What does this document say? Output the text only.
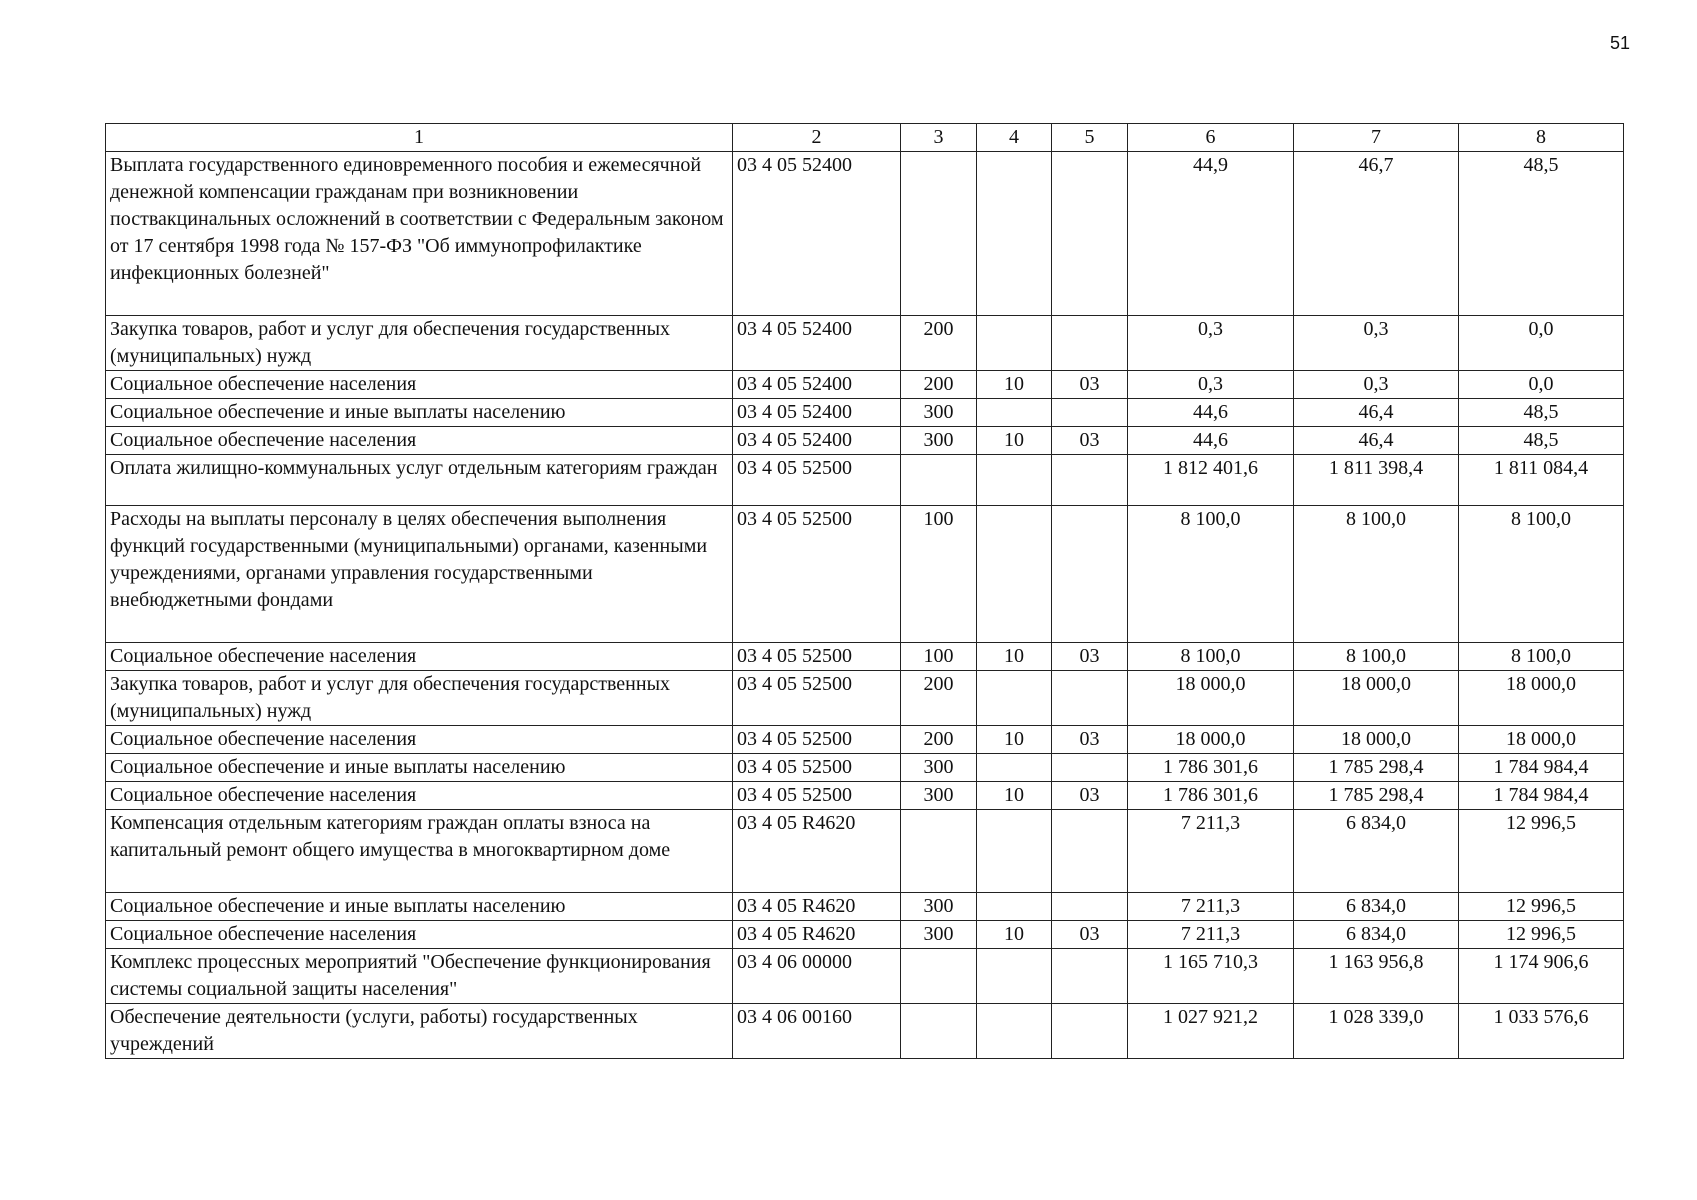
51
1	2	3	4	5	6	7	8
Выплата государственного единовременного пособия и ежемесячной денежной компенсации гражданам при возникновении поствакцинальных осложнений в соответствии с Федеральным законом от 17 сентября 1998 года № 157-ФЗ "Об иммунопрофилактике инфекционных болезней"	03 4 05 52400				44,9	46,7	48,5
Закупка товаров, работ и услуг для обеспечения государственных (муниципальных) нужд	03 4 05 52400	200			0,3	0,3	0,0
Социальное обеспечение населения	03 4 05 52400	200	10	03	0,3	0,3	0,0
Социальное обеспечение и иные выплаты населению	03 4 05 52400	300			44,6	46,4	48,5
Социальное обеспечение населения	03 4 05 52400	300	10	03	44,6	46,4	48,5
Оплата жилищно-коммунальных услуг отдельным категориям граждан	03 4 05 52500				1 812 401,6	1 811 398,4	1 811 084,4
Расходы на выплаты персоналу в целях обеспечения выполнения функций государственными (муниципальными) органами, казенными учреждениями, органами управления государственными внебюджетными фондами	03 4 05 52500	100			8 100,0	8 100,0	8 100,0
Социальное обеспечение населения	03 4 05 52500	100	10	03	8 100,0	8 100,0	8 100,0
Закупка товаров, работ и услуг для обеспечения государственных (муниципальных) нужд	03 4 05 52500	200			18 000,0	18 000,0	18 000,0
Социальное обеспечение населения	03 4 05 52500	200	10	03	18 000,0	18 000,0	18 000,0
Социальное обеспечение и иные выплаты населению	03 4 05 52500	300			1 786 301,6	1 785 298,4	1 784 984,4
Социальное обеспечение населения	03 4 05 52500	300	10	03	1 786 301,6	1 785 298,4	1 784 984,4
Компенсация отдельным категориям граждан оплаты взноса на капитальный ремонт общего имущества в многоквартирном доме	03 4 05 R4620				7 211,3	6 834,0	12 996,5
Социальное обеспечение и иные выплаты населению	03 4 05 R4620	300			7 211,3	6 834,0	12 996,5
Социальное обеспечение населения	03 4 05 R4620	300	10	03	7 211,3	6 834,0	12 996,5
Комплекс процессных мероприятий "Обеспечение функционирования системы социальной защиты населения"	03 4 06 00000				1 165 710,3	1 163 956,8	1 174 906,6
Обеспечение деятельности (услуги, работы) государственных учреждений	03 4 06 00160				1 027 921,2	1 028 339,0	1 033 576,6
